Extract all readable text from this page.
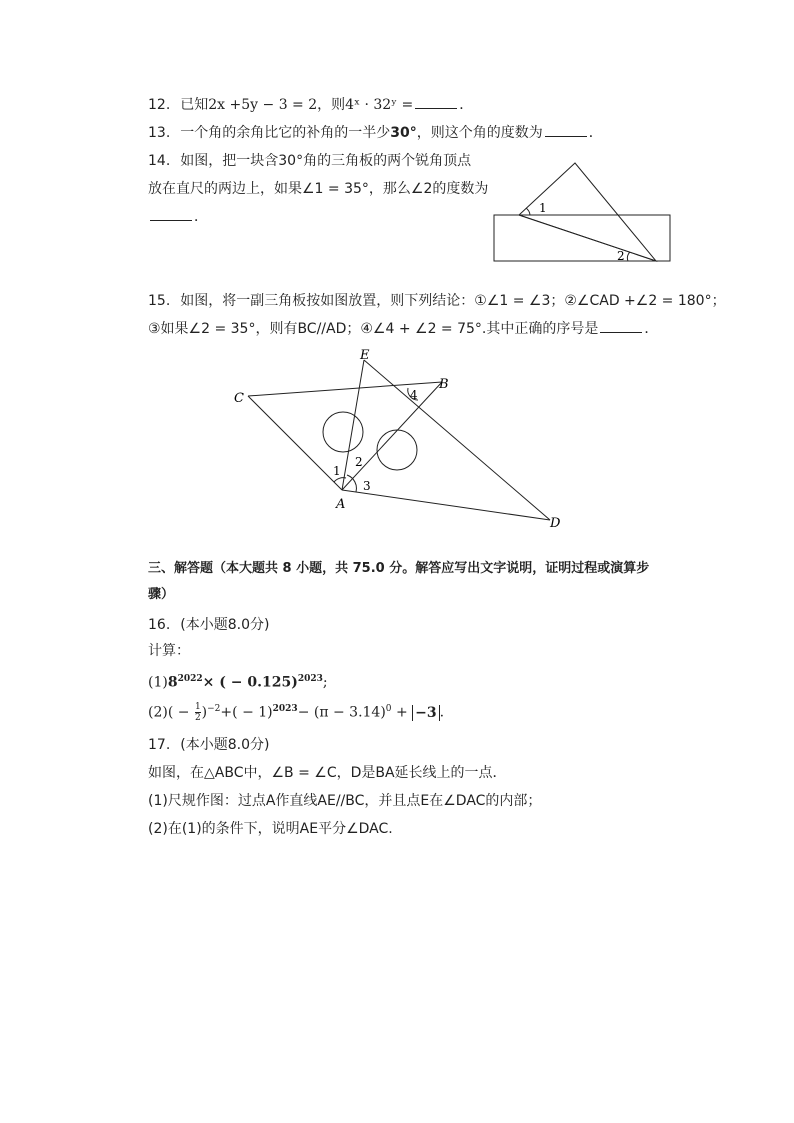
12. 已知2x +5y − 3 = 2，则4ˣ · 32ʸ =	．
13. 一个角的余角比它的补角的一半少30°，则这个角的度数为	．
14. 如图，把一块含30°角的三角板的两个锐角顶点
放在直尺的两边上，如果∠1 = 35°，那么∠2的度数为
．
1
2
15. 如图，将一副三角板按如图放置，则下列结论：①∠1 = ∠3；②∠CAD +∠2 = 180°；
③如果∠2 = 35°，则有BC//AD；④∠4 + ∠2 = 75°.其中正确的序号是	．
C
E
B
A
D
1
2
3
4
三、解答题（本大题共 8 小题，共 75.0 分。解答应写出文字说明，证明过程或演算步
骤）
16. (本小题8.0分)
计算：
$(1)8^{2022}\times$ ( − 0.125)$^{2023}$;
$(2)( - \frac{1}{2} )^{-2}+( - 1)^{2023}- (\pi - 3.14)^0 + -3$ .
17. (本小题8.0分)
如图，在△ABC中，∠B = ∠C，D是BA延长线上的一点．
(1)尺规作图：过点A作直线AE//BC，并且点E在∠DAC的内部；
(2)在(1)的条件下，说明AE平分∠DAC.
